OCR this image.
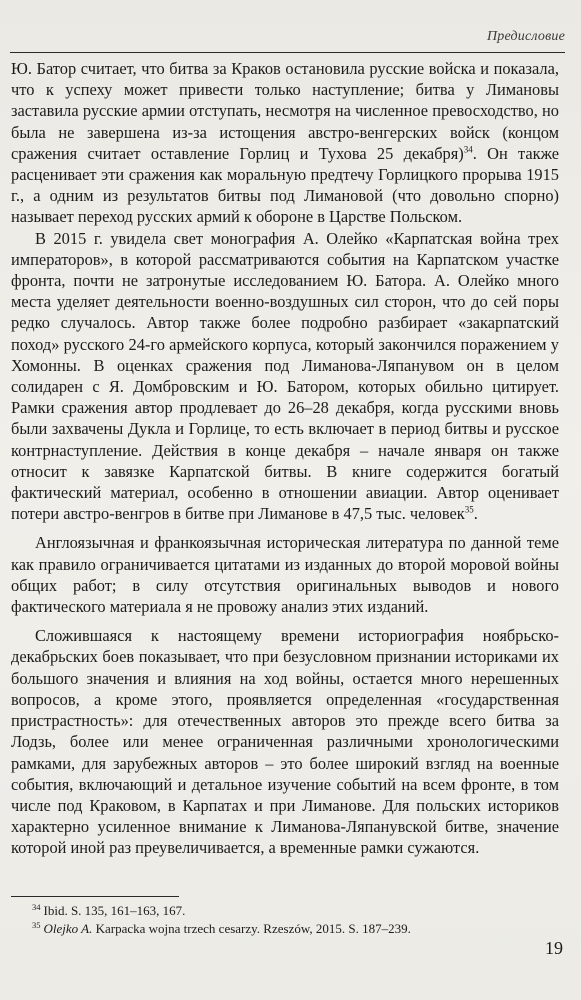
Предисловие

Ю. Батор считает, что битва за Краков остановила русские войска и показала, что к успеху может привести только наступление; битва у Лимановы заставила русские армии отступать, несмотря на численное превосходство, но была не завершена из-за истощения австро-венгерских войск (концом сражения считает оставление Горлиц и Тухова 25 декабря)$^{34}$. Он также расценивает эти сражения как моральную предтечу Горлицкого прорыва 1915 г., а одним из результатов битвы под Лимановой (что довольно спорно) называет переход русских армий к обороне в Царстве Польском.

В 2015 г. увидела свет монография А. Олейко «Карпатская война трех императоров», в которой рассматриваются события на Карпатском участке фронта, почти не затронутые исследованием Ю. Батора. А. Олейко много места уделяет деятельности военно-воздушных сил сторон, что до сей поры редко случалось. Автор также более подробно разбирает «закарпатский поход» русского 24-го армейского корпуса, который закончился поражением у Хомонны. В оценках сражения под Лиманова-Ляпанувом он в целом солидарен с Я. Домбровским и Ю. Батором, которых обильно цитирует. Рамки сражения автор продлевает до 26–28 декабря, когда русскими вновь были захвачены Дукла и Горлице, то есть включает в период битвы и русское контрнаступление. Действия в конце декабря – начале января он также относит к завязке Карпатской битвы. В книге содержится богатый фактический материал, особенно в отношении авиации. Автор оценивает потери австро-венгров в битве при Лиманове в 47,5 тыс. человек$^{35}$.

Англоязычная и франкоязычная историческая литература по данной теме как правило ограничивается цитатами из изданных до второй моровой войны общих работ; в силу отсутствия оригинальных выводов и нового фактического материала я не провожу анализ этих изданий.

Сложившаяся к настоящему времени историография ноябрьско-декабрьских боев показывает, что при безусловном признании историками их большого значения и влияния на ход войны, остается много нерешенных вопросов, а кроме этого, проявляется определенная «государственная пристрастность»: для отечественных авторов это прежде всего битва за Лодзь, более или менее ограниченная различными хронологическими рамками, для зарубежных авторов – это более широкий взгляд на военные события, включающий и детальное изучение событий на всем фронте, в том числе под Краковом, в Карпатах и при Лиманове. Для польских историков характерно усиленное внимание к Лиманова-Ляпанувской битве, значение которой иной раз преувеличивается, а временные рамки сужаются.

$^{34}$ Ibid. S. 135, 161–163, 167.

$^{35}$ Olejko A. Karpacka wojna trzech cesarzy. Rzeszów, 2015. S. 187–239.

19
